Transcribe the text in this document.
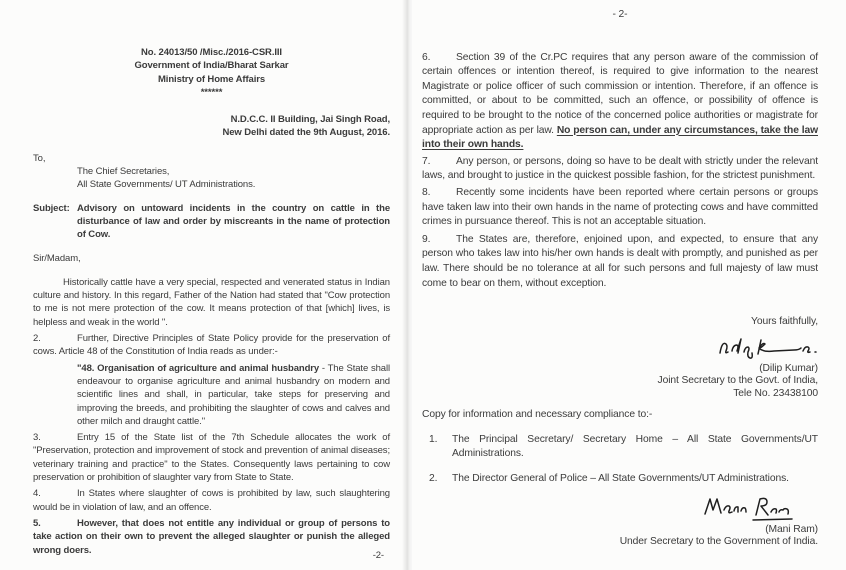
No. 24013/50 /Misc./2016-CSR.III
Government of India/Bharat Sarkar
Ministry of Home Affairs
******
N.D.C.C. II Building, Jai Singh Road,
New Delhi dated the 9th August, 2016.
To,
The Chief Secretaries,
All State Governments/ UT Administrations.
Subject: Advisory on untoward incidents in the country on cattle in the disturbance of law and order by miscreants in the name of protection of Cow.
Sir/Madam,
Historically cattle have a very special, respected and venerated status in Indian culture and history. In this regard, Father of the Nation had stated that "Cow protection to me is not mere protection of the cow. It means protection of that [which] lives, is helpless and weak in the world ".
2.	Further, Directive Principles of State Policy provide for the preservation of cows. Article 48 of the Constitution of India reads as under:-
"48. Organisation of agriculture and animal husbandry - The State shall endeavour to organise agriculture and animal husbandry on modern and scientific lines and shall, in particular, take steps for preserving and improving the breeds, and prohibiting the slaughter of cows and calves and other milch and draught cattle."
3.	Entry 15 of the State list of the 7th Schedule allocates the work of "Preservation, protection and improvement of stock and prevention of animal diseases; veterinary training and practice" to the States. Consequently laws pertaining to cow preservation or prohibition of slaughter vary from State to State.
4.	In States where slaughter of cows is prohibited by law, such slaughtering would be in violation of law, and an offence.
5.	However, that does not entitle any individual or group of persons to take action on their own to prevent the alleged slaughter or punish the alleged wrong doers.	-2-
- 2-
6. Section 39 of the Cr.PC requires that any person aware of the commission of certain offences or intention thereof, is required to give information to the nearest Magistrate or police officer of such commission or intention. Therefore, if an offence is committed, or about to be committed, such an offence, or possibility of offence is required to be brought to the notice of the concerned police authorities or magistrate for appropriate action as per law. No person can, under any circumstances, take the law into their own hands.
7. Any person, or persons, doing so have to be dealt with strictly under the relevant laws, and brought to justice in the quickest possible fashion, for the strictest punishment.
8. Recently some incidents have been reported where certain persons or groups have taken law into their own hands in the name of protecting cows and have committed crimes in pursuance thereof. This is not an acceptable situation.
9. The States are, therefore, enjoined upon, and expected, to ensure that any person who takes law into his/her own hands is dealt with promptly, and punished as per law. There should be no tolerance at all for such persons and full majesty of law must come to bear on them, without exception.
Yours faithfully,
(Dilip Kumar)
Joint Secretary to the Govt. of India,
Tele No. 23438100
Copy for information and necessary compliance to:-
1. The Principal Secretary/ Secretary Home – All State Governments/UT Administrations.
2. The Director General of Police – All State Governments/UT Administrations.
(Mani Ram)
Under Secretary to the Government of India.
